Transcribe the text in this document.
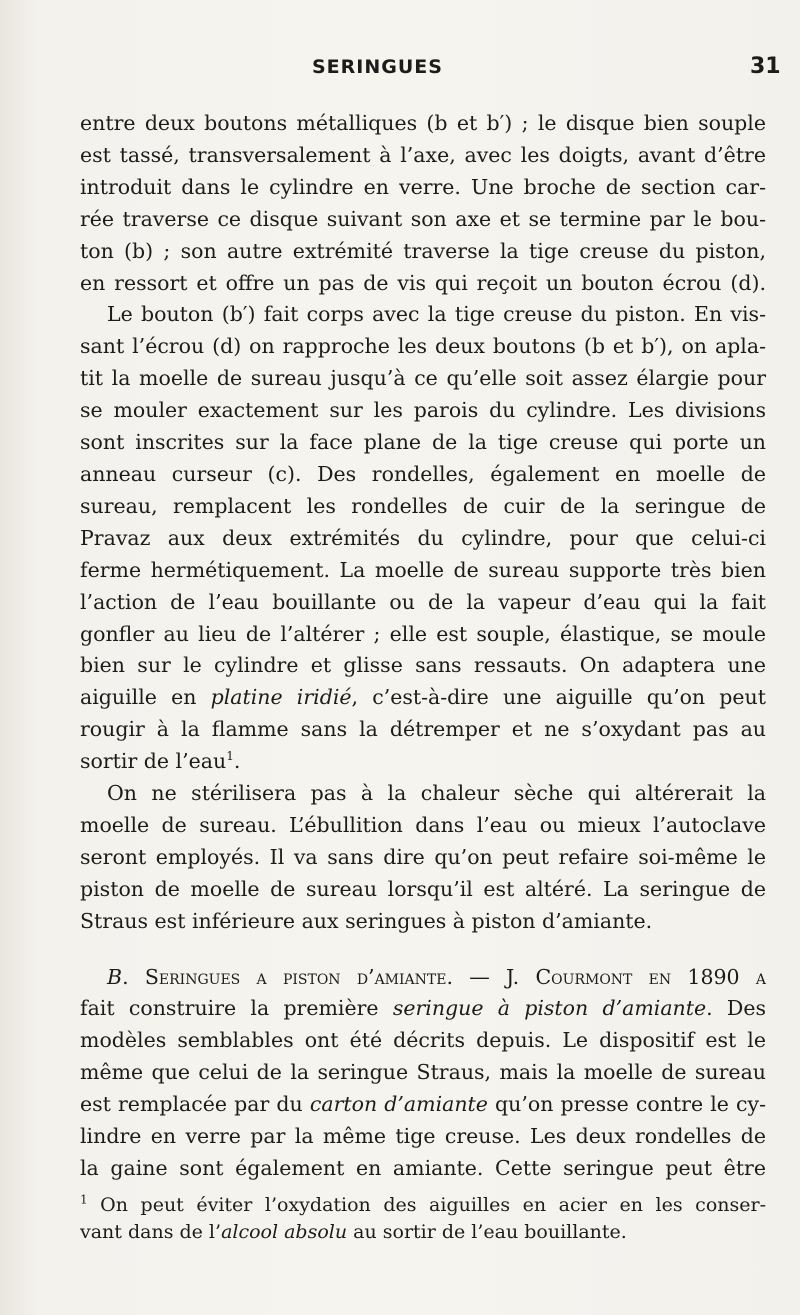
SERINGUES	31

entre deux boutons métalliques (b et b′) ; le disque bien souple
est tassé, transversalement à l’axe, avec les doigts, avant d’être
introduit dans le cylindre en verre. Une broche de section car-
rée traverse ce disque suivant son axe et se termine par le bou-
ton (b) ; son autre extrémité traverse la tige creuse du piston,
en ressort et offre un pas de vis qui reçoit un bouton écrou (d).
Le bouton (b′) fait corps avec la tige creuse du piston. En vis-
sant l’écrou (d) on rapproche les deux boutons (b et b′), on apla-
tit la moelle de sureau jusqu’à ce qu’elle soit assez élargie pour
se mouler exactement sur les parois du cylindre. Les divisions
sont inscrites sur la face plane de la tige creuse qui porte un
anneau curseur (c). Des rondelles, également en moelle de
sureau, remplacent les rondelles de cuir de la seringue de
Pravaz aux deux extrémités du cylindre, pour que celui-ci
ferme hermétiquement. La moelle de sureau supporte très bien
l’action de l’eau bouillante ou de la vapeur d’eau qui la fait
gonfler au lieu de l’altérer ; elle est souple, élastique, se moule
bien sur le cylindre et glisse sans ressauts. On adaptera une
aiguille en platine iridié, c’est-à-dire une aiguille qu’on peut
rougir à la flamme sans la détremper et ne s’oxydant pas au
sortir de l’eau$^1$.

On ne stérilisera pas à la chaleur sèche qui altérerait la
moelle de sureau. L’ébullition dans l’eau ou mieux l’autoclave
seront employés. Il va sans dire qu’on peut refaire soi-même le
piston de moelle de sureau lorsqu’il est altéré. La seringue de
Straus est inférieure aux seringues à piston d’amiante.

B. Seringues a piston d’amiante. — J. Courmont en 1890 a
fait construire la première seringue à piston d’amiante. Des
modèles semblables ont été décrits depuis. Le dispositif est le
même que celui de la seringue Straus, mais la moelle de sureau
est remplacée par du carton d’amiante qu’on presse contre le cy-
lindre en verre par la même tige creuse. Les deux rondelles de
la gaine sont également en amiante. Cette seringue peut être

$^1$ On peut éviter l’oxydation des aiguilles en acier en les conser-
vant dans de l’alcool absolu au sortir de l’eau bouillante.
